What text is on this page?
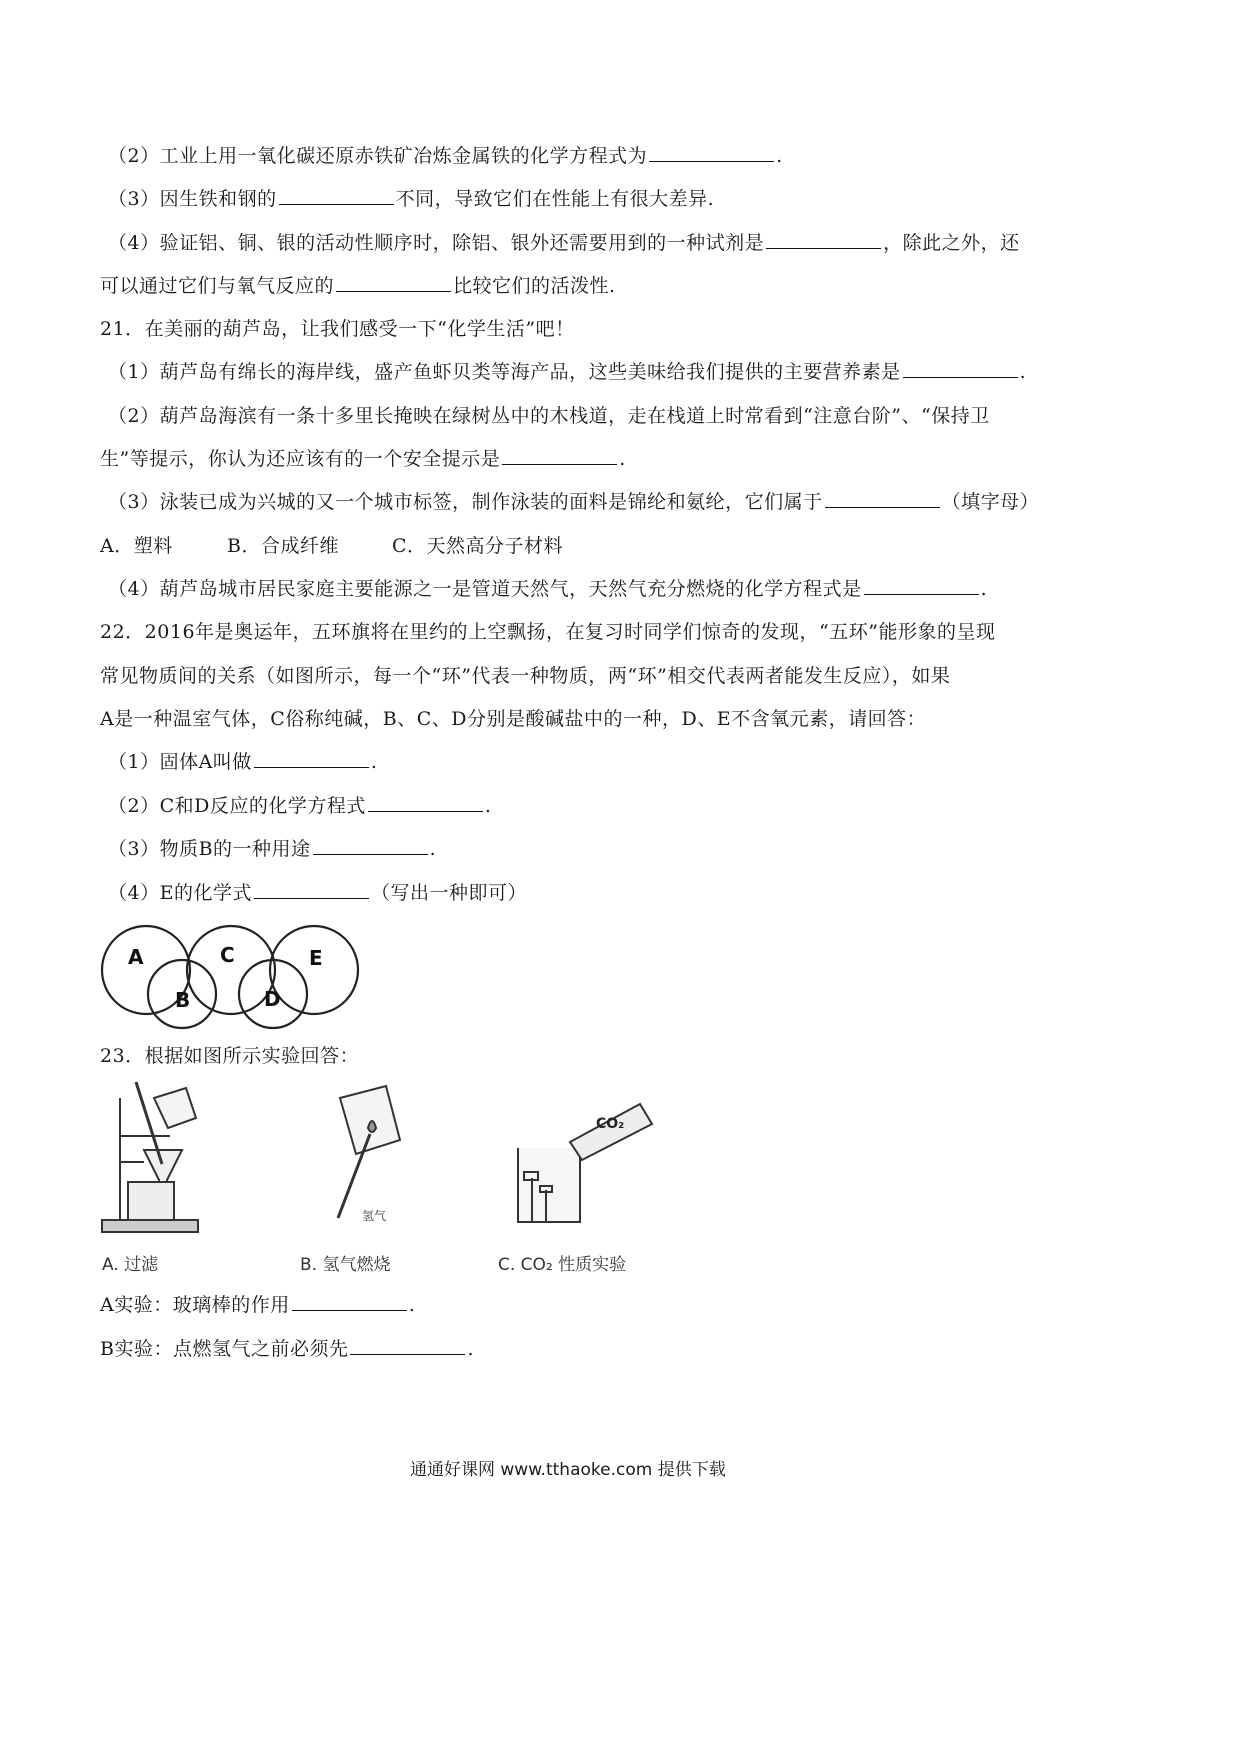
（2）工业上用一氧化碳还原赤铁矿冶炼金属铁的化学方程式为	.
（3）因生铁和钢的	不同，导致它们在性能上有很大差异.
（4）验证铝、铜、银的活动性顺序时，除铝、银外还需要用到的一种试剂是	，除此之外，还
可以通过它们与氧气反应的	比较它们的活泼性.
21．在美丽的葫芦岛，让我们感受一下“化学生活”吧！
（1）葫芦岛有绵长的海岸线，盛产鱼虾贝类等海产品，这些美味给我们提供的主要营养素是	.
（2）葫芦岛海滨有一条十多里长掩映在绿树丛中的木栈道，走在栈道上时常看到“注意台阶”、“保持卫
生”等提示，你认为还应该有的一个安全提示是	.
（3）泳装已成为兴城的又一个城市标签，制作泳装的面料是锦纶和氨纶，它们属于	（填字母）
A．塑料	B．合成纤维	C．天然高分子材料
（4）葫芦岛城市居民家庭主要能源之一是管道天然气，天然气充分燃烧的化学方程式是	.
22．2016年是奥运年，五环旗将在里约的上空飘扬，在复习时同学们惊奇的发现，“五环”能形象的呈现
常见物质间的关系（如图所示，每一个“环”代表一种物质，两“环”相交代表两者能发生反应），如果
A是一种温室气体，C俗称纯碱，B、C、D分别是酸碱盐中的一种，D、E不含氧元素，请回答：
（1）固体A叫做	.
（2）C和D反应的化学方程式	.
（3）物质B的一种用途	.
（4）E的化学式	（写出一种即可）
A
B
C
D
E
23．根据如图所示实验回答：
A. 过滤
氢气
B. 氢气燃烧
CO₂
C. CO₂ 性质实验
A实验：玻璃棒的作用	.
B实验：点燃氢气之前必须先	.
通通好课网 www.tthaoke.com 提供下载
